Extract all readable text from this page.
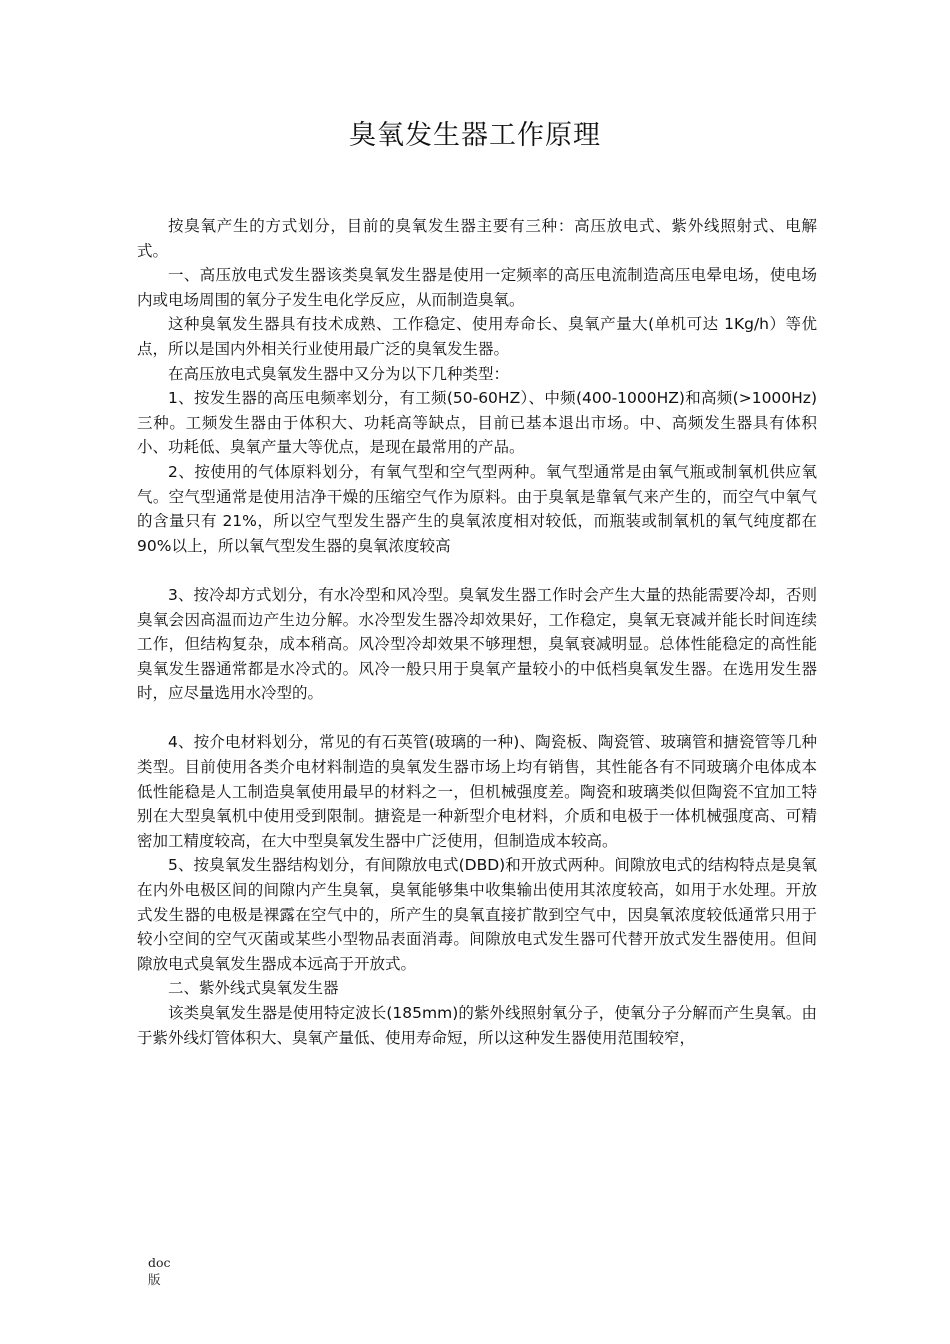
臭氧发生器工作原理

按臭氧产生的方式划分，目前的臭氧发生器主要有三种：高压放电式、紫外线照射式、电解式。

一、高压放电式发生器该类臭氧发生器是使用一定频率的高压电流制造高压电晕电场，使电场内或电场周围的氧分子发生电化学反应，从而制造臭氧。

这种臭氧发生器具有技术成熟、工作稳定、使用寿命长、臭氧产量大(单机可达 1Kg/h）等优点，所以是国内外相关行业使用最广泛的臭氧发生器。

在高压放电式臭氧发生器中又分为以下几种类型：

1、按发生器的高压电频率划分，有工频(50-60HZ）、中频(400-1000HZ)和高频(>1000Hz)三种。工频发生器由于体积大、功耗高等缺点，目前已基本退出市场。中、高频发生器具有体积小、功耗低、臭氧产量大等优点，是现在最常用的产品。

2、按使用的气体原料划分，有氧气型和空气型两种。氧气型通常是由氧气瓶或制氧机供应氧气。空气型通常是使用洁净干燥的压缩空气作为原料。由于臭氧是靠氧气来产生的，而空气中氧气的含量只有 21%，所以空气型发生器产生的臭氧浓度相对较低，而瓶装或制氧机的氧气纯度都在 90%以上，所以氧气型发生器的臭氧浓度较高

3、按冷却方式划分，有水冷型和风冷型。臭氧发生器工作时会产生大量的热能需要冷却，否则臭氧会因高温而边产生边分解。水冷型发生器冷却效果好，工作稳定，臭氧无衰减并能长时间连续工作，但结构复杂，成本稍高。风冷型冷却效果不够理想，臭氧衰减明显。总体性能稳定的高性能臭氧发生器通常都是水冷式的。风冷一般只用于臭氧产量较小的中低档臭氧发生器。在选用发生器时，应尽量选用水冷型的。

4、按介电材料划分，常见的有石英管(玻璃的一种)、陶瓷板、陶瓷管、玻璃管和搪瓷管等几种类型。目前使用各类介电材料制造的臭氧发生器市场上均有销售，其性能各有不同玻璃介电体成本低性能稳是人工制造臭氧使用最早的材料之一，但机械强度差。陶瓷和玻璃类似但陶瓷不宜加工特别在大型臭氧机中使用受到限制。搪瓷是一种新型介电材料，介质和电极于一体机械强度高、可精密加工精度较高，在大中型臭氧发生器中广泛使用，但制造成本较高。

5、按臭氧发生器结构划分，有间隙放电式(DBD)和开放式两种。间隙放电式的结构特点是臭氧在内外电极区间的间隙内产生臭氧，臭氧能够集中收集输出使用其浓度较高，如用于水处理。开放式发生器的电极是裸露在空气中的，所产生的臭氧直接扩散到空气中，因臭氧浓度较低通常只用于较小空间的空气灭菌或某些小型物品表面消毒。间隙放电式发生器可代替开放式发生器使用。但间隙放电式臭氧发生器成本远高于开放式。

二、紫外线式臭氧发生器

该类臭氧发生器是使用特定波长(185mm)的紫外线照射氧分子，使氧分子分解而产生臭氧。由于紫外线灯管体积大、臭氧产量低、使用寿命短，所以这种发生器使用范围较窄，

doc
版
